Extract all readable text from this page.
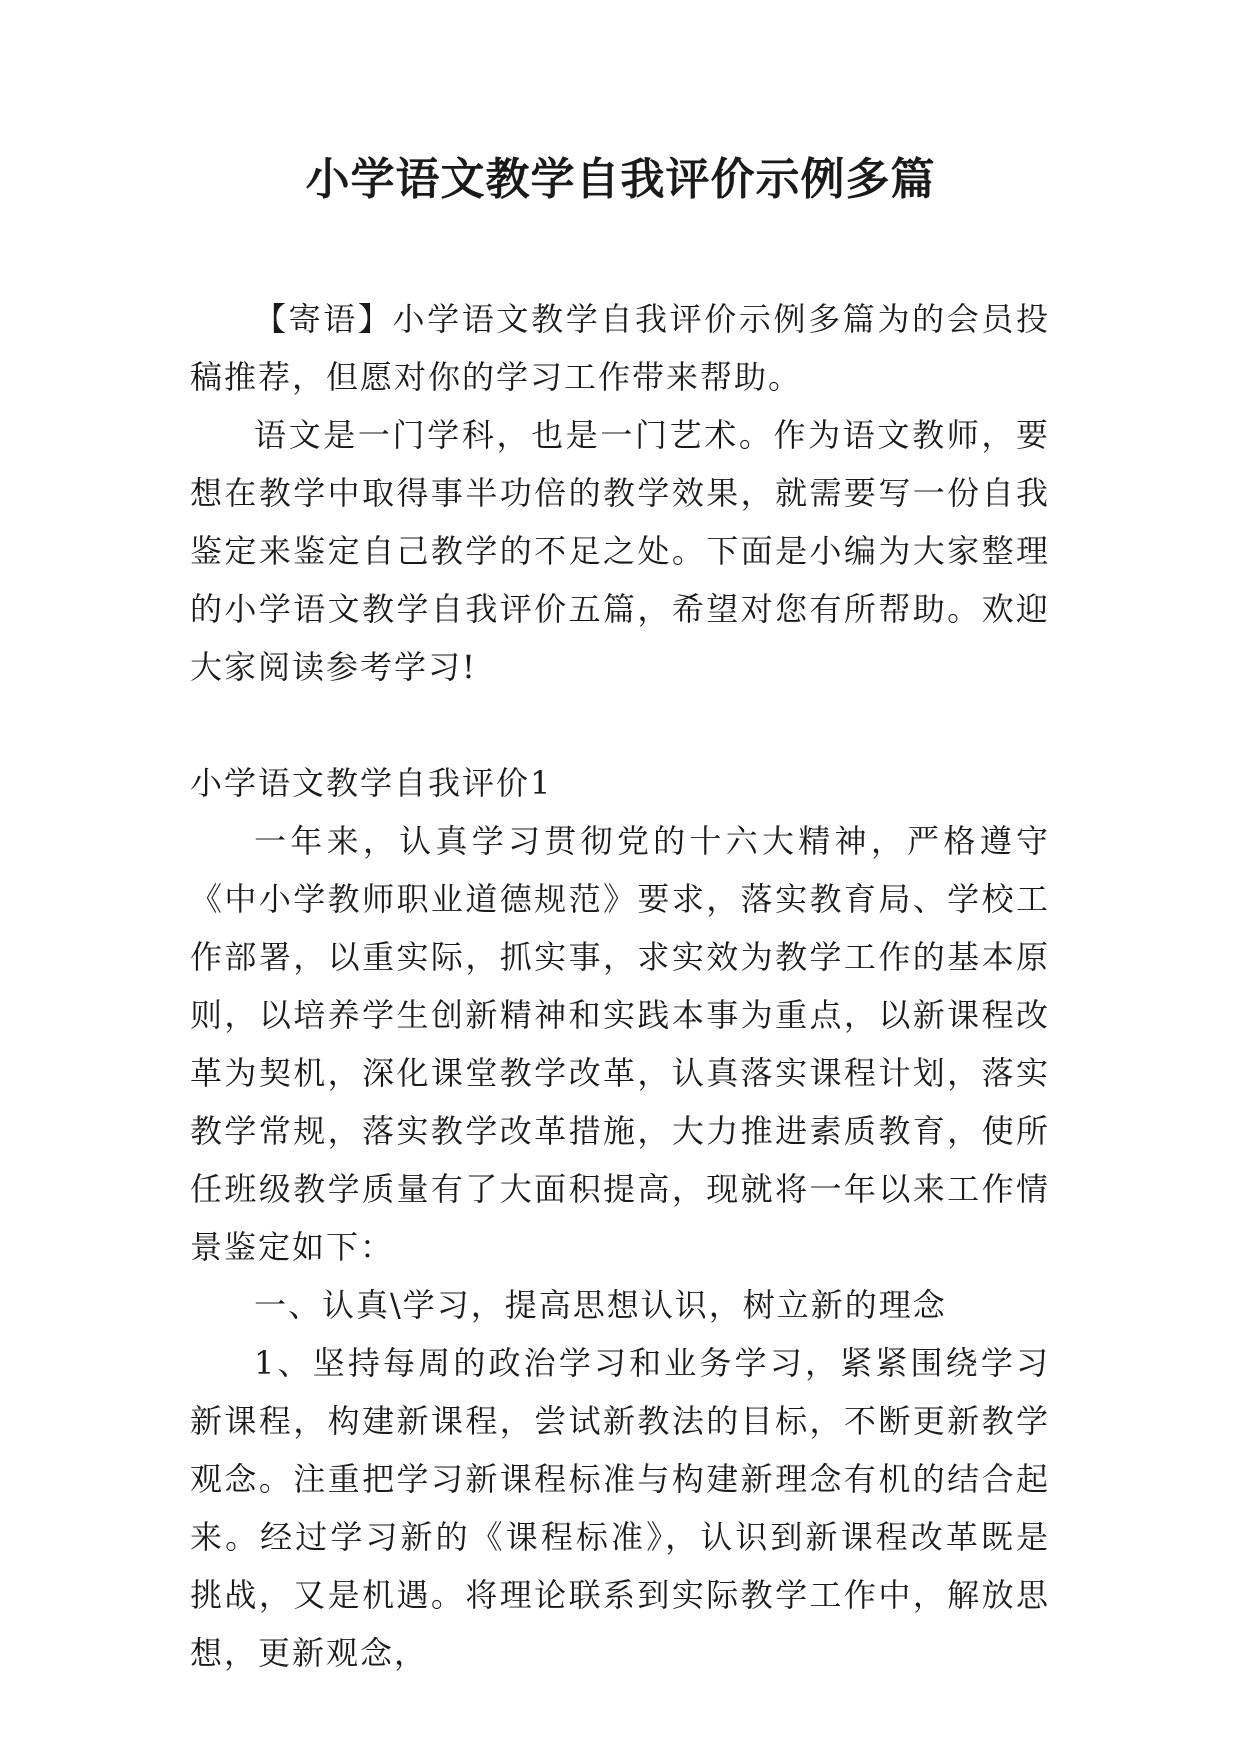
小学语文教学自我评价示例多篇

【寄语】小学语文教学自我评价示例多篇为的会员投稿推荐，但愿对你的学习工作带来帮助。

语文是一门学科，也是一门艺术。作为语文教师，要想在教学中取得事半功倍的教学效果，就需要写一份自我鉴定来鉴定自己教学的不足之处。下面是小编为大家整理的小学语文教学自我评价五篇，希望对您有所帮助。欢迎大家阅读参考学习!

小学语文教学自我评价1

一年来，认真学习贯彻党的十六大精神，严格遵守《中小学教师职业道德规范》要求，落实教育局、学校工作部署，以重实际，抓实事，求实效为教学工作的基本原则，以培养学生创新精神和实践本事为重点，以新课程改革为契机，深化课堂教学改革，认真落实课程计划，落实教学常规，落实教学改革措施，大力推进素质教育，使所任班级教学质量有了大面积提高，现就将一年以来工作情景鉴定如下：

一、认真\学习，提高思想认识，树立新的理念

1、坚持每周的政治学习和业务学习，紧紧围绕学习新课程，构建新课程，尝试新教法的目标，不断更新教学观念。注重把学习新课程标准与构建新理念有机的结合起来。经过学习新的《课程标准》，认识到新课程改革既是挑战，又是机遇。将理论联系到实际教学工作中，解放思想，更新观念，
